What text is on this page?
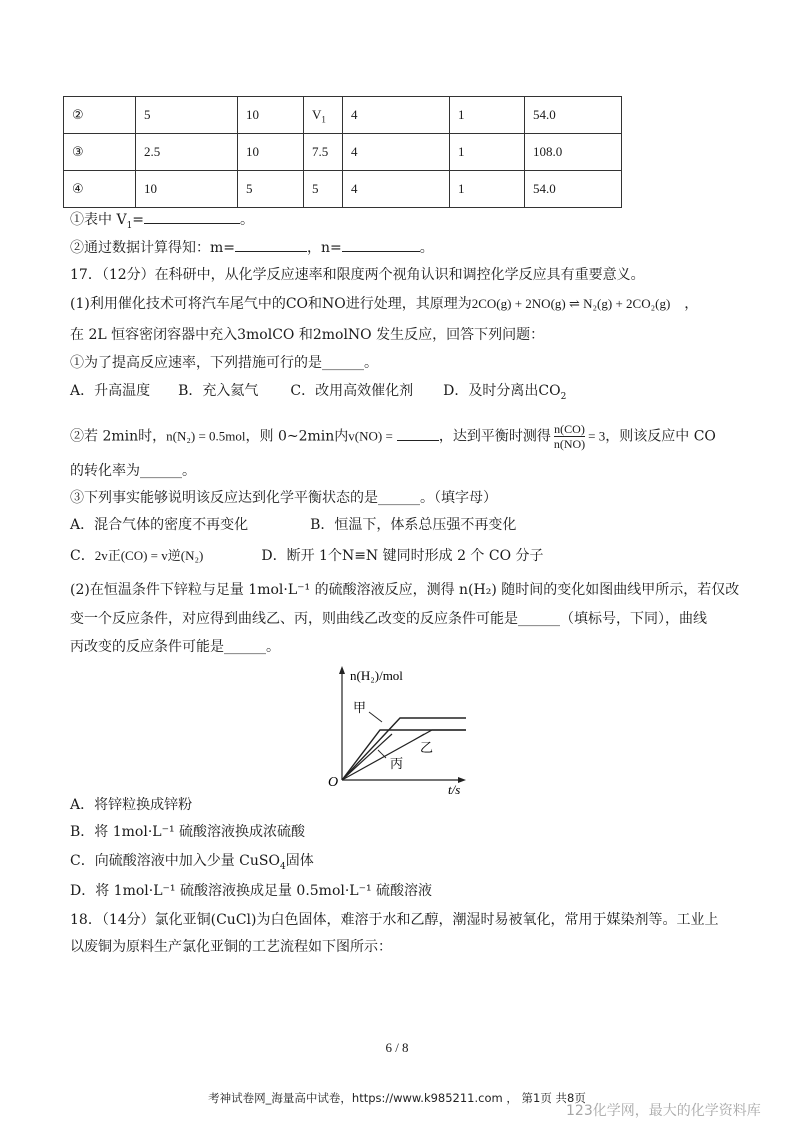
②	5	10	$V_1$	4	1	54.0
③	2.5	10	7.5	4	1	108.0
④	10	5	5	4	1	54.0
①表中 $V_1=$	。
②通过数据计算得知：m=	，n=	。
17．（12分）在科研中，从化学反应速率和限度两个视角认识和调控化学反应具有重要意义。
(1)利用催化技术可将汽车尾气中的CO和NO进行处理，其原理为2CO(g) + 2NO(g) ⇌ N₂(g) + 2CO₂(g) ，
在 2L 恒容密闭容器中充入3molCO 和2molNO 发生反应，回答下列问题：
①为了提高反应速率，下列措施可行的是______。
A．升高温度 B．充入氦气 C．改用高效催化剂 D．及时分离出$CO_2$
②若 2min时，n(N₂) = 0.5mol，则 0~2min内v(NO) =	，达到平衡时测得 $\frac{n(CO)}{n(NO)} = 3$，则该反应中 CO
的转化率为______。
③下列事实能够说明该反应达到化学平衡状态的是______。（填字母）
A．混合气体的密度不再变化	B．恒温下，体系总压强不再变化
C．2v正(CO) = v逆(N₂)	D．断开 1个N≡N 键同时形成 2 个 CO 分子
(2)在恒温条件下锌粒与足量 1mol·L⁻¹ 的硫酸溶液反应，测得 n(H₂) 随时间的变化如图曲线甲所示，若仅改
变一个反应条件，对应得到曲线乙、丙，则曲线乙改变的反应条件可能是______（填标号，下同），曲线
丙改变的反应条件可能是______。
n(H₂)/mol
t/s
O
甲
乙
丙
A．将锌粒换成锌粉
B．将 1mol·L⁻¹ 硫酸溶液换成浓硫酸
C．向硫酸溶液中加入少量 CuSO$_4$固体
D．将 1mol·L⁻¹ 硫酸溶液换成足量 0.5mol·L⁻¹ 硫酸溶液
18．（14分）氯化亚铜(CuCl)为白色固体，难溶于水和乙醇，潮湿时易被氧化，常用于媒染剂等。工业上
以废铜为原料生产氯化亚铜的工艺流程如下图所示：
6 / 8
考神试卷网_海量高中试卷，https://www.k985211.com ， 第1页 共8页
123化学网，最大的化学资料库
